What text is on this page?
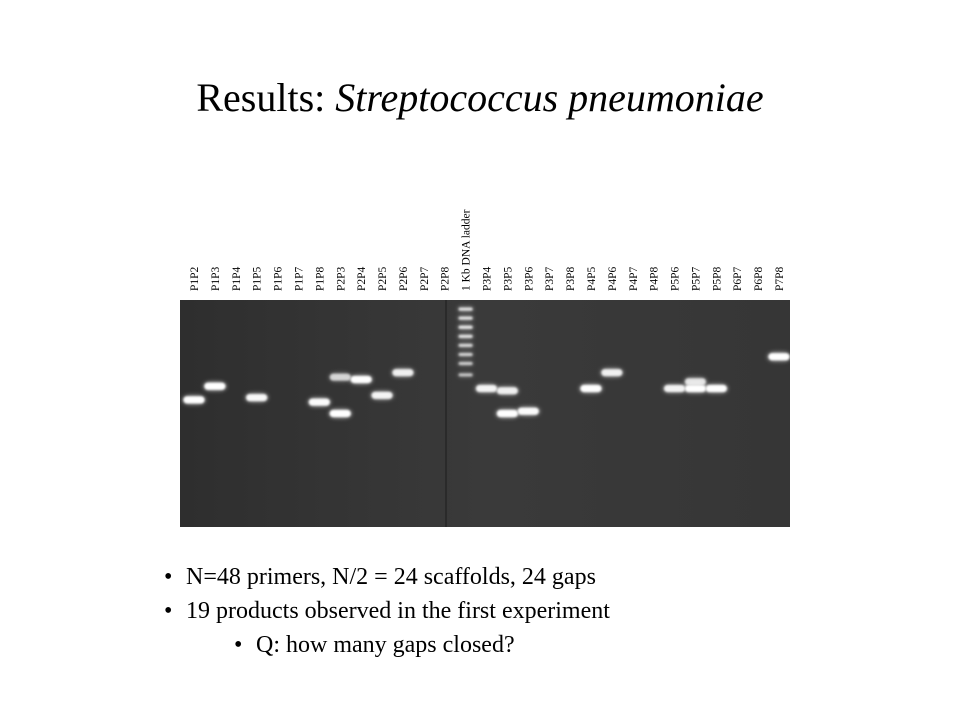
Results: Streptococcus pneumoniae
P1P2 P1P3 P1P4 P1P5 P1P6 P1P7 P1P8 P2P3 P2P4 P2P5 P2P6 P2P7 P2P8 1 Kb DNA ladder P3P4 P3P5 P3P6 P3P7 P3P8 P4P5 P4P6 P4P7 P4P8 P5P6 P5P7 P5P8 P6P7 P6P8 P7P8
• N=48 primers, N/2 = 24 scaffolds, 24 gaps
• 19 products observed in the first experiment
• Q: how many gaps closed?
